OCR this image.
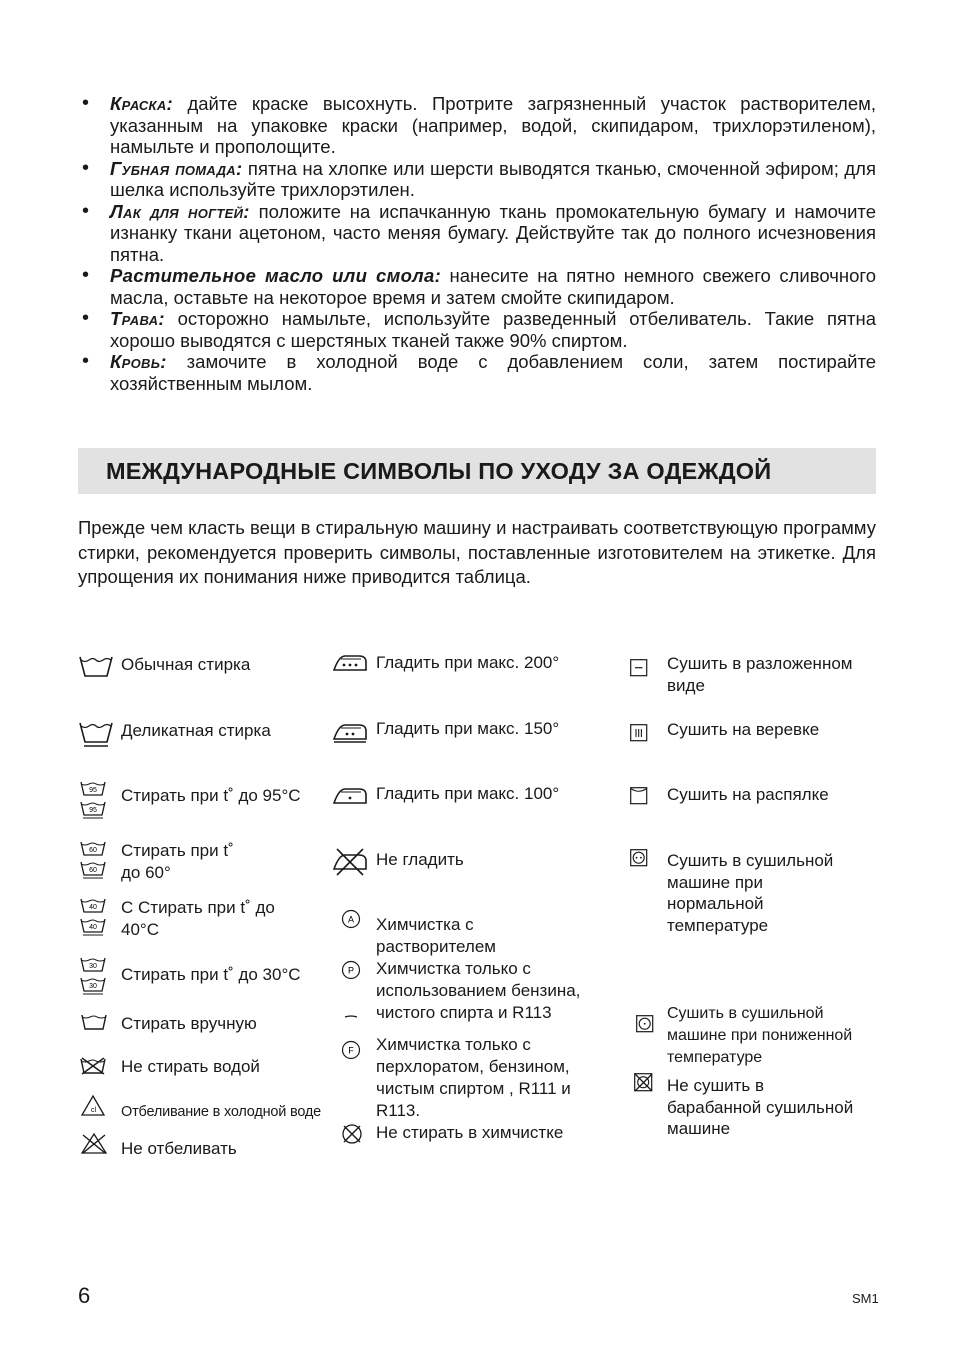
• Краска: дайте краске высохнуть. Протрите загрязненный участок растворителем, указанным на упаковке краски (например, водой, скипидаром, трихлорэтиленом), намыльте и прополощите.
• Губная помада: пятна на хлопке или шерсти выводятся тканью, смоченной эфиром; для шелка используйте трихлорэтилен.
• Лак для ногтей: положите на испачканную ткань промокательную бумагу и намочите изнанку ткани ацетоном, часто меняя бумагу. Действуйте так до полного исчезновения пятна.
• Растительное масло или смола: нанесите на пятно немного свежего сливочного масла, оставьте на некоторое время и затем смойте скипидаром.
• Трава: осторожно намыльте, используйте разведенный отбеливатель. Такие пятна хорошо выводятся с шерстяных тканей также 90% спиртом.
• Кровь: замочите в холодной воде с добавлением соли, затем постирайте хозяйственным мылом.
МЕЖДУНАРОДНЫЕ СИМВОЛЫ ПО УХОДУ ЗА ОДЕЖДОЙ

Прежде чем класть вещи в стиральную машину и настраивать соответствующую программу стирки, рекомендуется проверить символы, поставленные изготовителем на этикетке. Для упрощения их понимания ниже приводится таблица.

Обычная стирка
Деликатная стирка
95
95
Стирать при t˚ до 95°C
60
60
Стирать при t˚
до 60°
40
40
С Стирать при t˚ до
40°C
30
30
Стирать при t˚ до 30°C
Стирать вручную
Не стирать водой
cl Отбеливание в холодной воде
Не отбеливать
Гладить при макс. 200°
Гладить при макс. 150°
Гладить при макс. 100°
Не гладить
A Химчистка с
растворителем
P Химчистка только с
использованием бензина,
чистого спирта и R113
F Химчистка только с
перхлоратом, бензином,
чистым спиртом , R111 и
R113.
Не стирать в химчистке
Сушить в разложенном
виде
Сушить на веревке
Сушить на распялке
Сушить в сушильной
машине при
нормальной
температуре
Сушить в сушильной
машине при пониженной
температуре
Не сушить в
барабанной сушильной
машине
6	SM1
